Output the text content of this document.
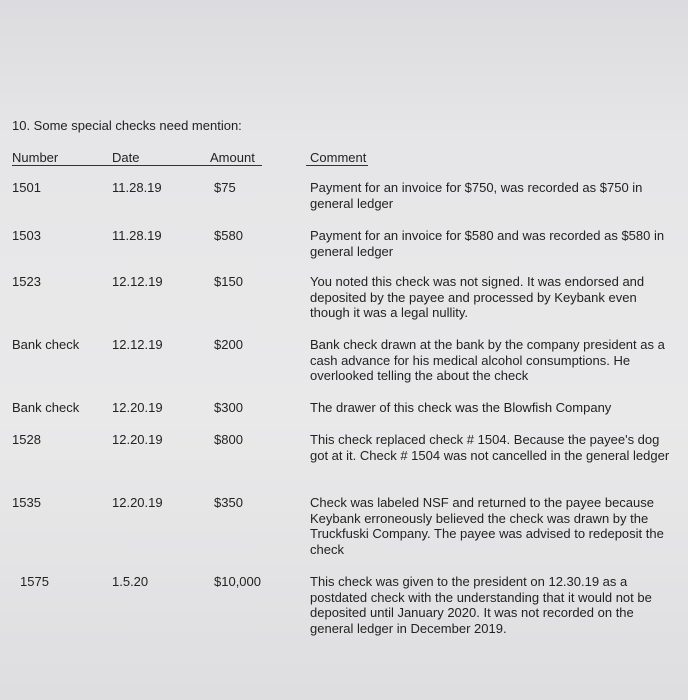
10. Some special checks need mention:
Number	Date	Amount	Comment
1501	11.28.19	$75	Payment for an invoice for $750, was recorded as $750 in general ledger
1503	11.28.19	$580	Payment for an invoice for $580 and was recorded as $580 in general ledger
1523	12.12.19	$150	You noted this check was not signed. It was endorsed and deposited by the payee and processed by Keybank even though it was a legal nullity.
Bank check	12.12.19	$200	Bank check drawn at the bank by the company president as a cash advance for his medical alcohol consumptions. He overlooked telling the about the check
Bank check	12.20.19	$300	The drawer of this check was the Blowfish Company
1528	12.20.19	$800	This check replaced check # 1504. Because the payee's dog got at it. Check # 1504 was not cancelled in the general ledger
1535	12.20.19	$350	Check was labeled NSF and returned to the payee because Keybank erroneously believed the check was drawn by the Truckfuski Company. The payee was advised to redeposit the check
1575	1.5.20	$10,000	This check was given to the president on 12.30.19 as a postdated check with the understanding that it would not be deposited until January 2020. It was not recorded on the general ledger in December 2019.
